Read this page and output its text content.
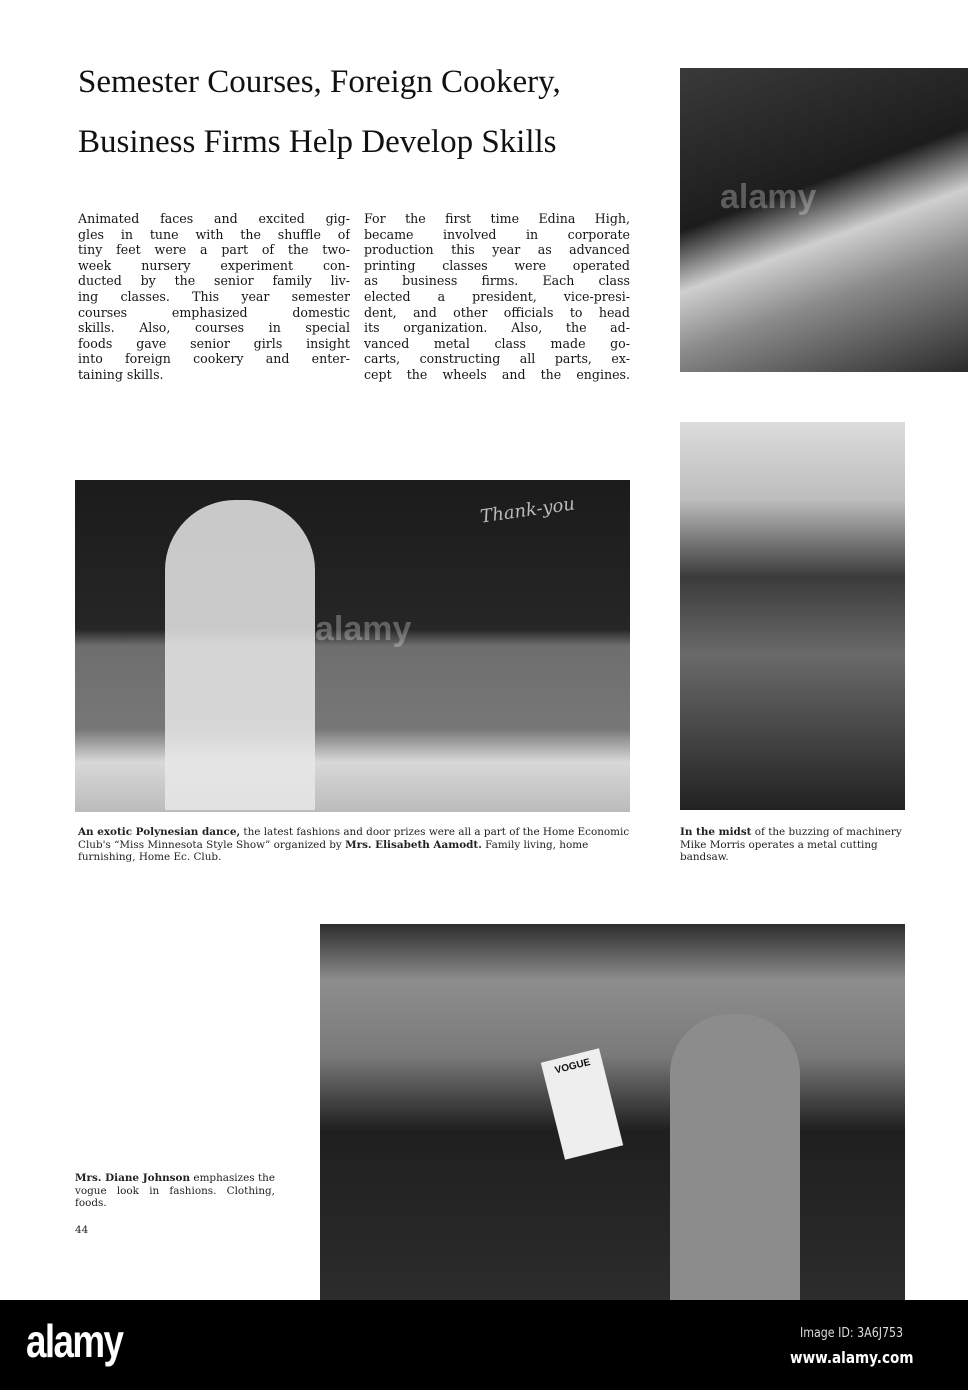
Semester Courses, Foreign Cookery,
Business Firms Help Develop Skills
Animated faces and excited gig-
gles in tune with the shuffle of
tiny feet were a part of the two-
week nursery experiment con-
ducted by the senior family liv-
ing classes. This year semester
courses emphasized domestic
skills. Also, courses in special
foods gave senior girls insight
into foreign cookery and enter-
taining skills.
For the first time Edina High,
became involved in corporate
production this year as advanced
printing classes were operated
as business firms. Each class
elected a president, vice-presi-
dent, and other officials to head
its organization. Also, the ad-
vanced metal class made go-
carts, constructing all parts, ex-
cept the wheels and the engines.
alamy
Thank-you
alamy
An exotic Polynesian dance, the latest fashions and door prizes were all a part of the Home Economic Club's “Miss Minnesota Style Show” organized by Mrs. Elisabeth Aamodt. Family living, home furnishing, Home Ec. Club.
In the midst of the buzzing of machinery Mike Morris operates a metal cutting bandsaw.
VOGUE
Mrs. Diane Johnson emphasizes the vogue look in fashions. Clothing, foods.
44
alamy	Image ID: 3A6J753
www.alamy.com
